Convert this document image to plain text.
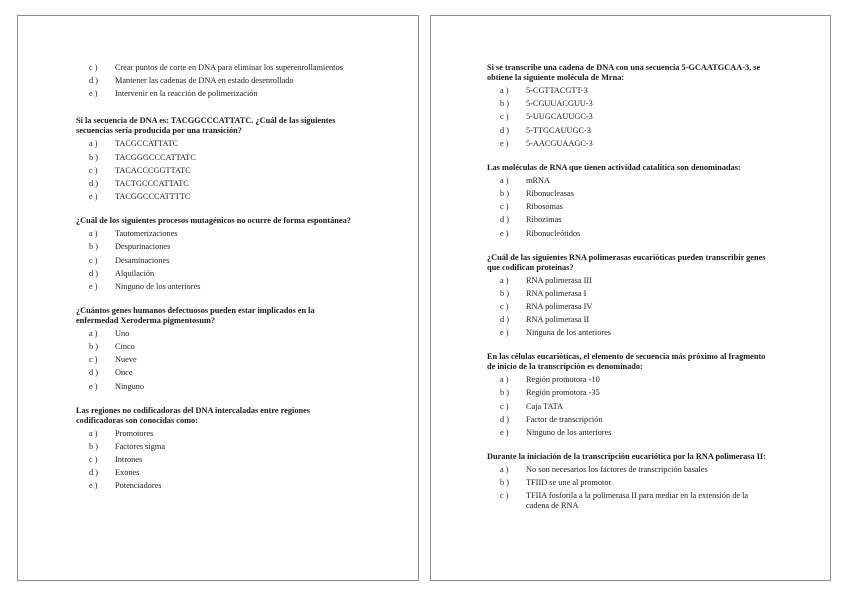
c )	Crear puntos de corte en DNA para eliminar los superenrollamientos
d )	Mantener las cadenas de DNA en estado desenrollado
e )	Intervenir en la reacción de polimerización

Si la secuencia de DNA es: TACGGCCCATTATC. ¿Cuál de las siguientes secuencias sería producida por una transición?

a )	TACGCCATTATC
b )	TACGGGCCCATTATC
c )	TACACCCGGTTATC
d )	TACTGCCCATTATC
e )	TACGGCCCATTTTC

¿Cuál de los siguientes procesos mutagénicos no ocurre de forma espontánea?

a )	Tautomerizaciones
b )	Despurinaciones
c )	Desaminaciones
d )	Alquilación
e )	Ninguno de los anteriores

¿Cuántos genes humanos defectuosos pueden estar implicados en la enfermedad Xeroderma pigmentosum?

a )	Uno
b )	Cinco
c )	Nueve
d )	Once
e )	Ninguno

Las regiones no codificadoras del DNA intercaladas entre regiones codificadoras son conocidas como:

a )	Promotores
b )	Factores sigma
c )	Intrones
d )	Exones
e )	Potenciadores

Si se transcribe una cadena de DNA con una secuencia 5-GCAATGCAA-3, se obtiene la siguiente molécula de Mrna:

a )	5-CGTTACGTT-3
b )	5-CGUUACGUU-3
c )	5-UUGCAUUGC-3
d )	5-TTGCAUUGC-3
e )	5-AACGUAAGC-3

Las moléculas de RNA que tienen actividad catalítica son denominadas:

a )	mRNA
b )	Ribonucleasas
c )	Ribosomas
d )	Ribozimas
e )	Ribonucleótidos

¿Cuál de las siguientes RNA polimerasas eucarióticas pueden transcribir genes que codifican proteínas?

a )	RNA polimerasa III
b )	RNA polimerasa I
c )	RNA polimerasa IV
d )	RNA polimerasa II
e )	Ninguna de los anteriores

En las células eucarióticas, el elemento de secuencia más próximo al fragmento de inicio de la transcripción es denominado:

a )	Región promotora -10
b )	Región promotora -35
c )	Caja TATA
d )	Factor de transcripción
e )	Ninguno de los anteriores

Durante la iniciación de la transcripción eucariótica por la RNA polimerasa II:

a )	No son necesarios los factores de transcripción basales
b )	TFIID se une al promotor
c )	TFIIA fosforila a la polimerasa II para mediar en la extensión de la cadena de RNA
